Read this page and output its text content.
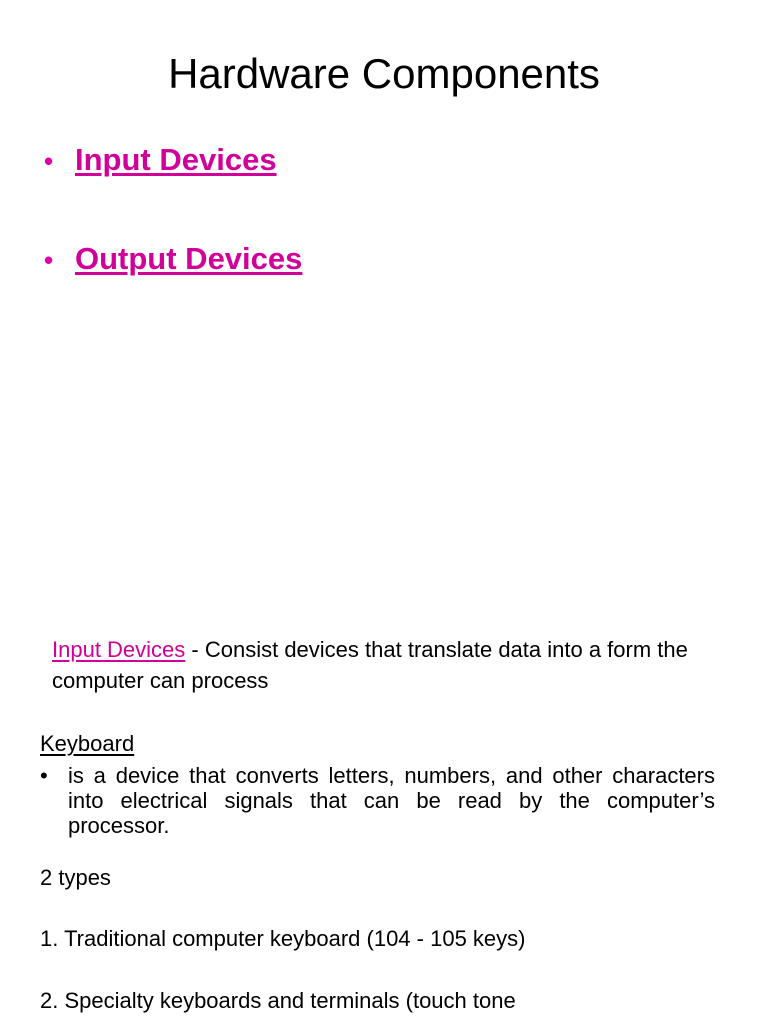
Hardware Components
• Input Devices
• Output Devices
Input Devices - Consist devices that translate data into a form the computer can process
Keyboard
• is a device that converts letters, numbers, and other characters into electrical signals that can be read by the computer’s processor.
2 types
1. Traditional computer keyboard (104 - 105 keys)
2. Specialty keyboards and terminals (touch tone
